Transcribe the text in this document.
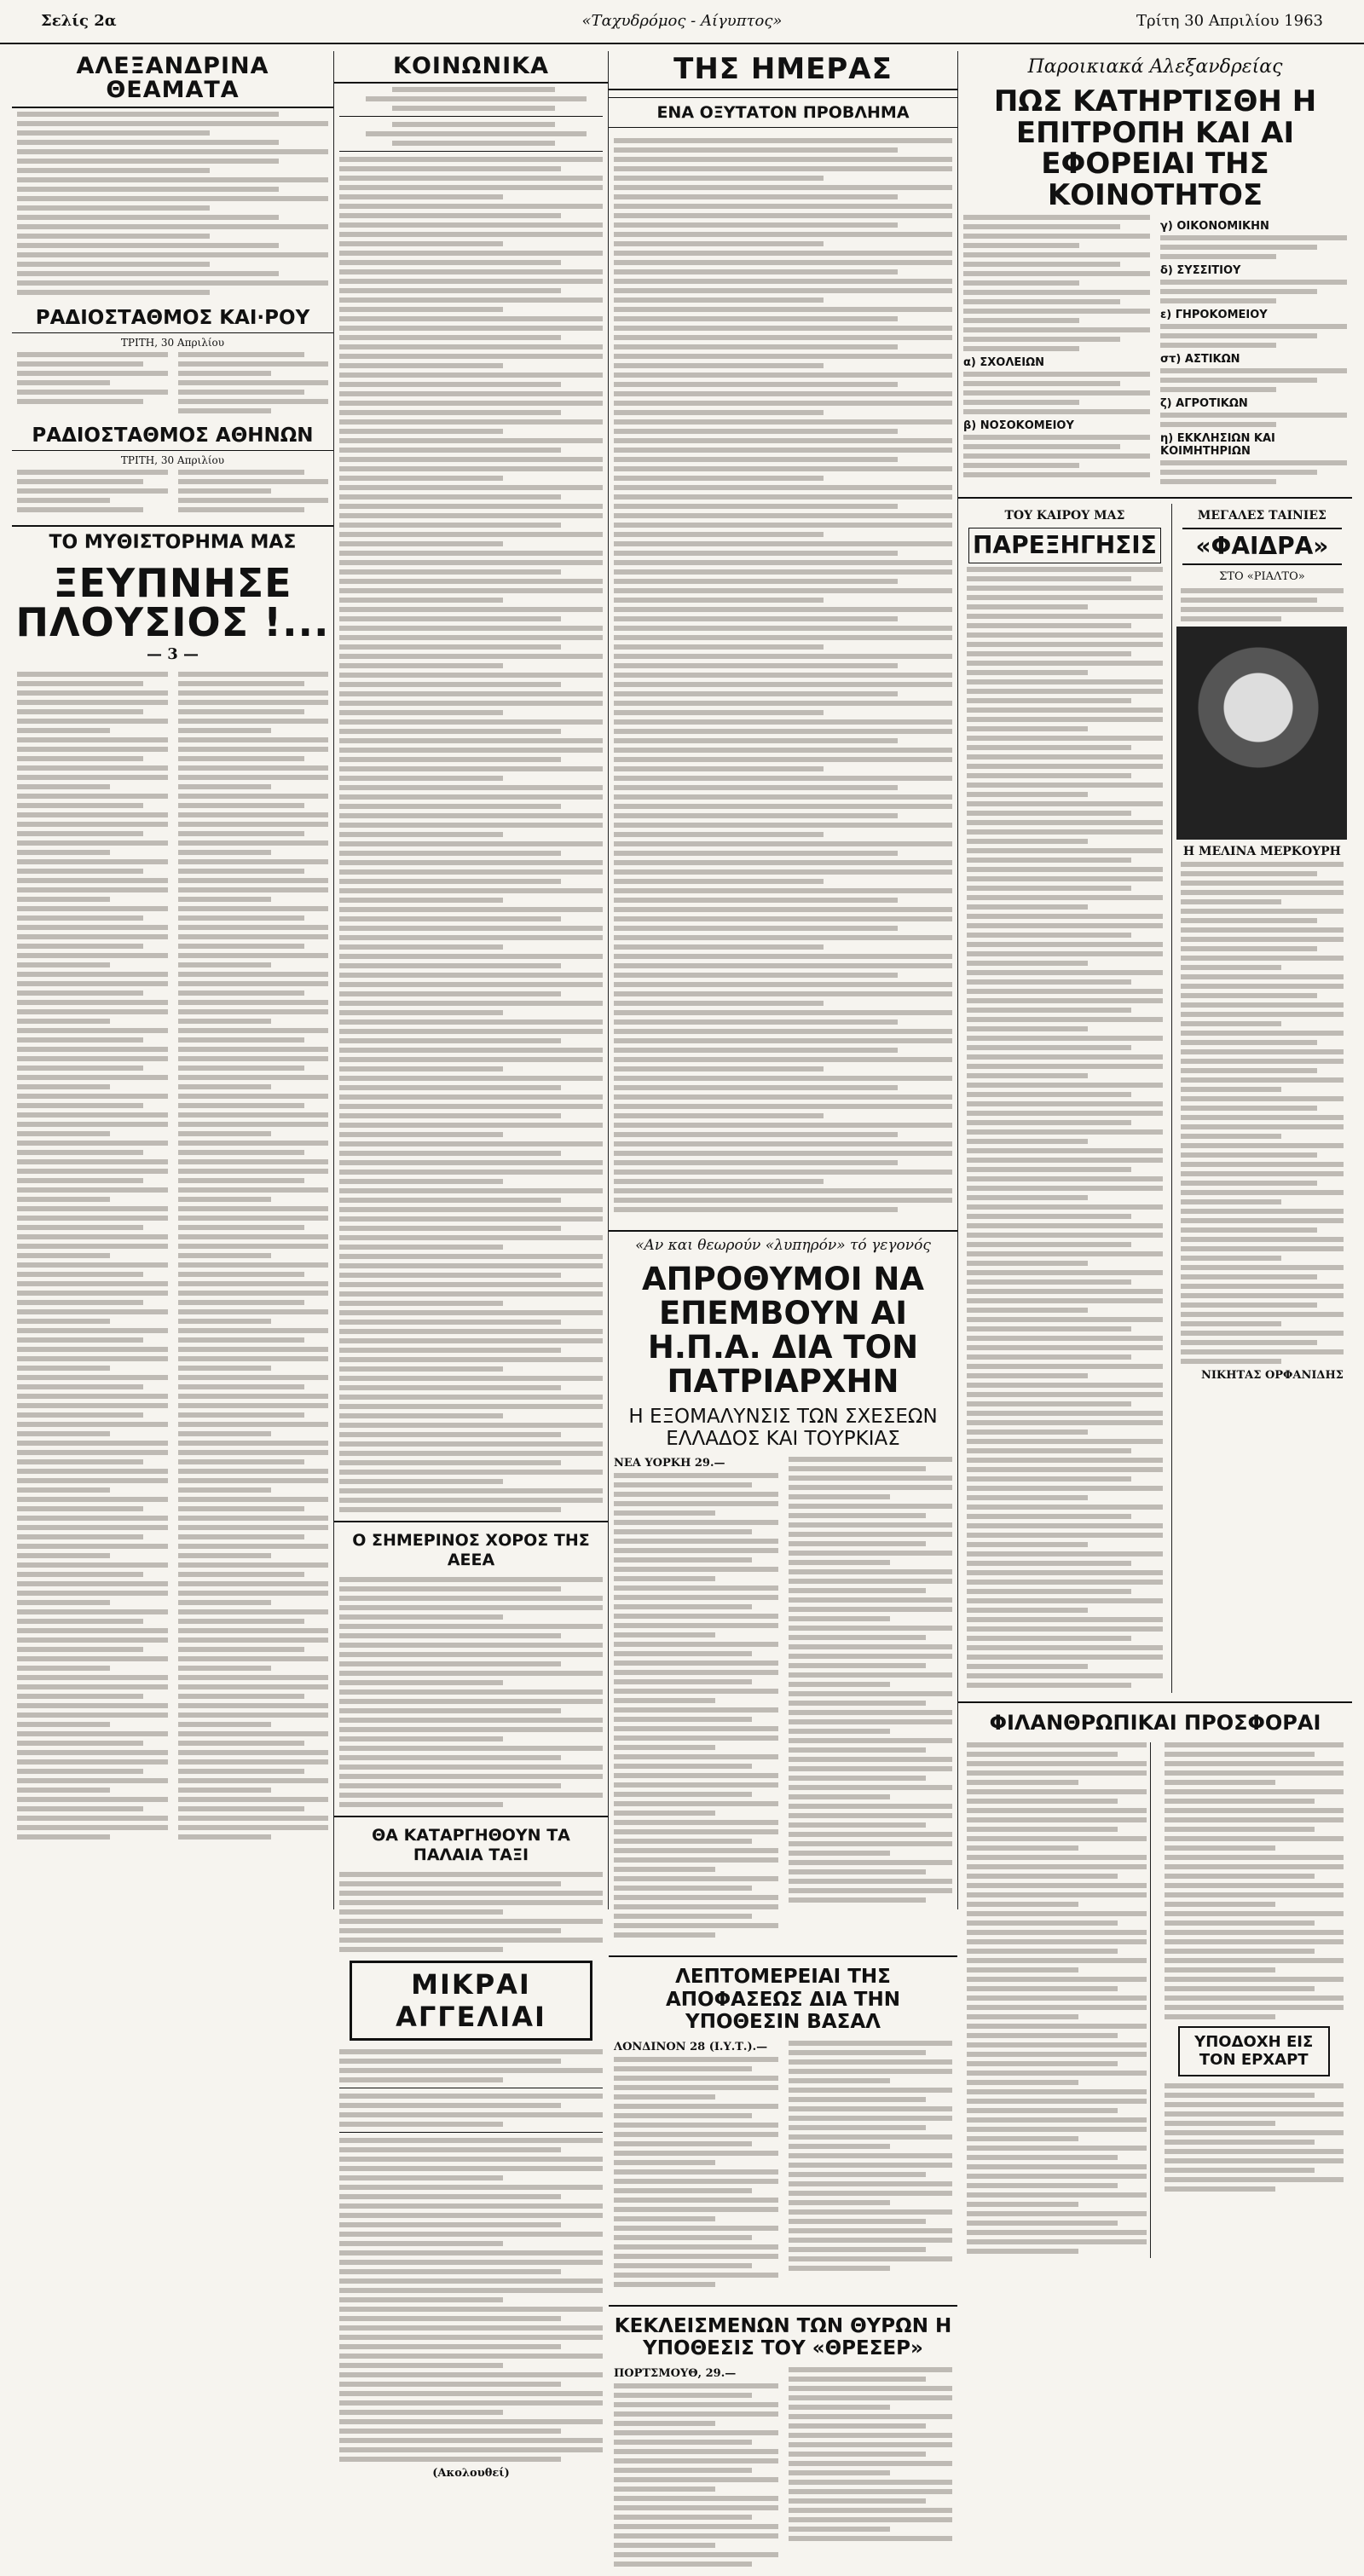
Σελίς 2α	«Ταχυδρόμος - Αίγυπτος»	Τρίτη 30 Απριλίου 1963
ΑΛΕΞΑΝΔΡΙΝΑ ΘΕΑΜΑΤΑ
ΡΑΔΙΟΣΤΑΘΜΟΣ ΚΑΙ·ΡΟΥ
ΤΡΙΤΗ, 30 Απριλίου
ΡΑΔΙΟΣΤΑΘΜΟΣ ΑΘΗΝΩΝ
ΤΡΙΤΗ, 30 Απριλίου
ΤΟ ΜΥΘΙΣΤΟΡΗΜΑ ΜΑΣ
ΞΕΥΠΝΗΣΕ ΠΛΟΥΣΙΟΣ !...
— 3 —
ΚΟΙΝΩΝΙΚΑ
Ο ΣΗΜΕΡΙΝΟΣ ΧΟΡΟΣ ΤΗΣ ΑΕΕΑ
ΘΑ ΚΑΤΑΡΓΗΘΟΥΝ ΤΑ ΠΑΛΑΙΑ ΤΑΞΙ
ΜΙΚΡΑΙ ΑΓΓΕΛΙΑΙ
(Ακολουθεί)
ΤΗΣ ΗΜΕΡΑΣ
ΕΝΑ ΟΞΥΤΑΤΟΝ ΠΡΟΒΛΗΜΑ
«Αν και θεωρούν «λυπηρόν» τό γεγονός
ΑΠΡΟΘΥΜΟΙ ΝΑ ΕΠΕΜΒΟΥΝ ΑΙ Η.Π.Α. ΔΙΑ ΤΟΝ ΠΑΤΡΙΑΡΧΗΝ
Η ΕΞΟΜΑΛΥΝΣΙΣ ΤΩΝ ΣΧΕΣΕΩΝ ΕΛΛΑΔΟΣ ΚΑΙ ΤΟΥΡΚΙΑΣ
ΝΕΑ ΥΟΡΚΗ 29.—
ΛΕΠΤΟΜΕΡΕΙΑΙ ΤΗΣ ΑΠΟΦΑΣΕΩΣ ΔΙΑ ΤΗΝ ΥΠΟΘΕΣΙΝ ΒΑΣΑΛ
ΛΟΝΔΙΝΟΝ 28 (Ι.Υ.Τ.).—
ΚΕΚΛΕΙΣΜΕΝΩΝ ΤΩΝ ΘΥΡΩΝ Η ΥΠΟΘΕΣΙΣ ΤΟΥ «ΘΡΕΣΕΡ»
ΠΟΡΤΣΜΟΥΘ, 29.—
Παροικιακά Αλεξανδρείας
ΠΩΣ ΚΑΤΗΡΤΙΣΘΗ Η ΕΠΙΤΡΟΠΗ ΚΑΙ ΑΙ ΕΦΟΡΕΙΑΙ ΤΗΣ ΚΟΙΝΟΤΗΤΟΣ
α) ΣΧΟΛΕΙΩΝ
β) ΝΟΣΟΚΟΜΕΙΟΥ
γ) ΟΙΚΟΝΟΜΙΚΗΝ
δ) ΣΥΣΣΙΤΙΟΥ
ε) ΓΗΡΟΚΟΜΕΙΟΥ
στ) ΑΣΤΙΚΩΝ
ζ) ΑΓΡΟΤΙΚΩΝ
η) ΕΚΚΛΗΣΙΩΝ ΚΑΙ ΚΟΙΜΗΤΗΡΙΩΝ
ΤΟΥ ΚΑΙΡΟΥ ΜΑΣ
ΠΑΡΕΞΗΓΗΣΙΣ
ΜΕΓΑΛΕΣ ΤΑΙΝΙΕΣ
«ΦΑΙΔΡΑ»
ΣΤΟ «ΡΙΑΛΤΟ»
Η ΜΕΛΙΝΑ ΜΕΡΚΟΥΡΗ
ΝΙΚΗΤΑΣ ΟΡΦΑΝΙΔΗΣ
ΦΙΛΑΝΘΡΩΠΙΚΑΙ ΠΡΟΣΦΟΡΑΙ
ΥΠΟΔΟΧΗ ΕΙΣ ΤΟΝ ΕΡΧΑΡΤ
